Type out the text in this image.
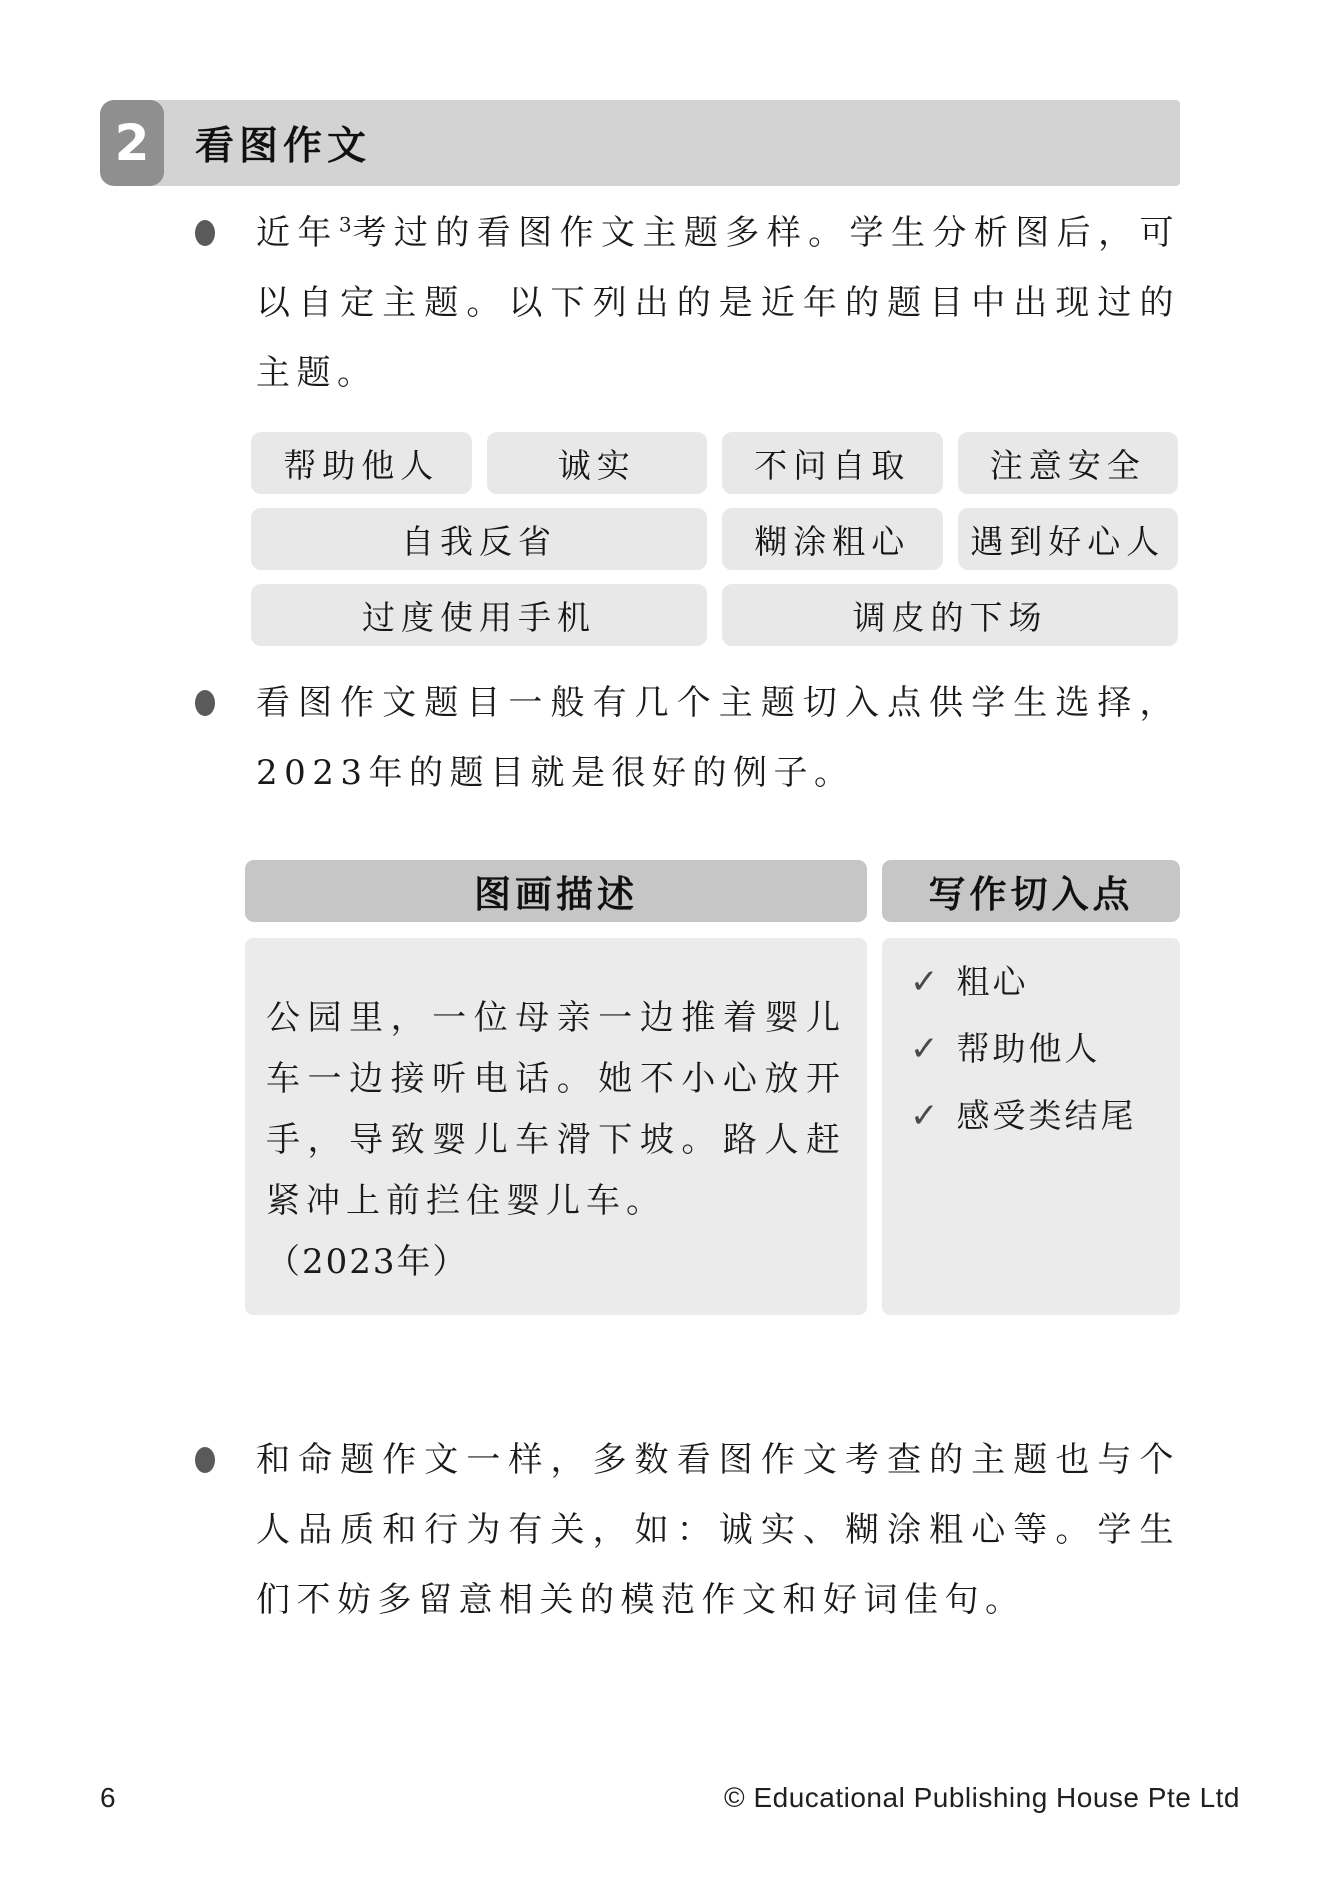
2	看图作文

近年$^3$考过的看图作文主题多样。学生分析图后，可以自定主题。以下列出的是近年的题目中出现过的主题。

帮助他人	诚实	不问自取	注意安全
自我反省	糊涂粗心	遇到好心人
过度使用手机	调皮的下场

看图作文题目一般有几个主题切入点供学生选择，2023年的题目就是很好的例子。

图画描述	写作切入点

公园里，一位母亲一边推着婴儿车一边接听电话。她不小心放开手，导致婴儿车滑下坡。路人赶紧冲上前拦住婴儿车。

（2023年）

✓ 粗心
✓ 帮助他人
✓ 感受类结尾

和命题作文一样，多数看图作文考查的主题也与个人品质和行为有关，如：诚实、糊涂粗心等。学生们不妨多留意相关的模范作文和好词佳句。

6	© Educational Publishing House Pte Ltd
